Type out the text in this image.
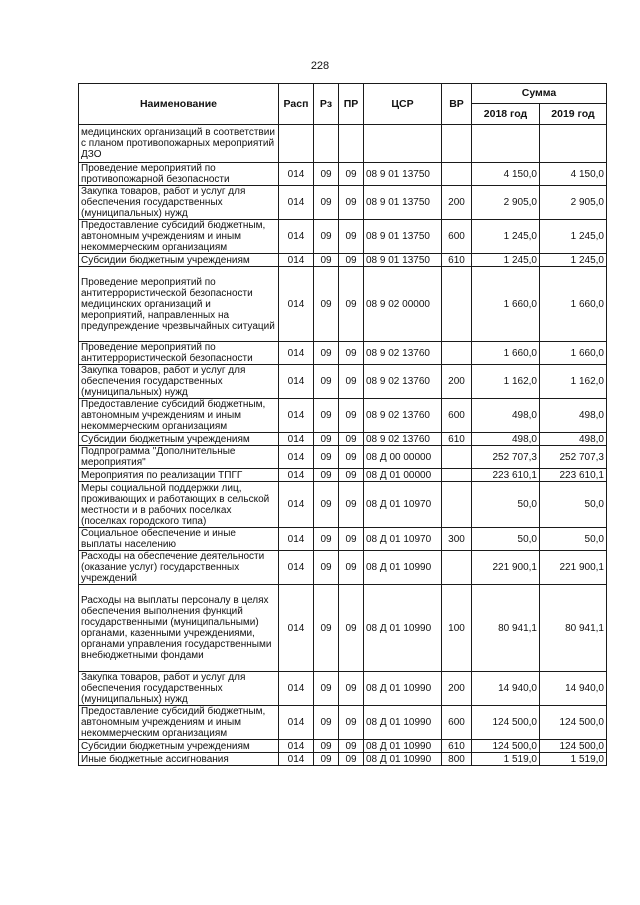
228
Наименование	Расп	Рз	ПР	ЦСР	ВР	Сумма	
						2018 год	2019 год
медицинских организаций в соответствии с планом противопожарных мероприятий ДЗО							
Проведение мероприятий по противопожарной безопасности	014	09	09	08 9 01 13750		4 150,0	4 150,0
Закупка товаров, работ и услуг для обеспечения государственных (муниципальных) нужд	014	09	09	08 9 01 13750	200	2 905,0	2 905,0
Предоставление субсидий бюджетным, автономным учреждениям и иным некоммерческим организациям	014	09	09	08 9 01 13750	600	1 245,0	1 245,0
Субсидии бюджетным учреждениям	014	09	09	08 9 01 13750	610	1 245,0	1 245,0
Проведение мероприятий по антитеррористической безопасности медицинских организаций и мероприятий, направленных на предупреждение чрезвычайных ситуаций	014	09	09	08 9 02 00000		1 660,0	1 660,0
Проведение мероприятий по антитеррористической безопасности	014	09	09	08 9 02 13760		1 660,0	1 660,0
Закупка товаров, работ и услуг для обеспечения государственных (муниципальных) нужд	014	09	09	08 9 02 13760	200	1 162,0	1 162,0
Предоставление субсидий бюджетным, автономным учреждениям и иным некоммерческим организациям	014	09	09	08 9 02 13760	600	498,0	498,0
Субсидии бюджетным учреждениям	014	09	09	08 9 02 13760	610	498,0	498,0
Подпрограмма "Дополнительные мероприятия"	014	09	09	08 Д 00 00000		252 707,3	252 707,3
Мероприятия по реализации ТПГГ	014	09	09	08 Д 01 00000		223 610,1	223 610,1
Меры социальной поддержки лиц, проживающих и работающих в сельской местности и в рабочих поселках (поселках городского типа)	014	09	09	08 Д 01 10970		50,0	50,0
Социальное обеспечение и иные выплаты населению	014	09	09	08 Д 01 10970	300	50,0	50,0
Расходы на обеспечение деятельности (оказание услуг) государственных учреждений	014	09	09	08 Д 01 10990		221 900,1	221 900,1
Расходы на выплаты персоналу в целях обеспечения выполнения функций государственными (муниципальными) органами, казенными учреждениями, органами управления государственными внебюджетными фондами	014	09	09	08 Д 01 10990	100	80 941,1	80 941,1
Закупка товаров, работ и услуг для обеспечения государственных (муниципальных) нужд	014	09	09	08 Д 01 10990	200	14 940,0	14 940,0
Предоставление субсидий бюджетным, автономным учреждениям и иным некоммерческим организациям	014	09	09	08 Д 01 10990	600	124 500,0	124 500,0
Субсидии бюджетным учреждениям	014	09	09	08 Д 01 10990	610	124 500,0	124 500,0
Иные бюджетные ассигнования	014	09	09	08 Д 01 10990	800	1 519,0	1 519,0
